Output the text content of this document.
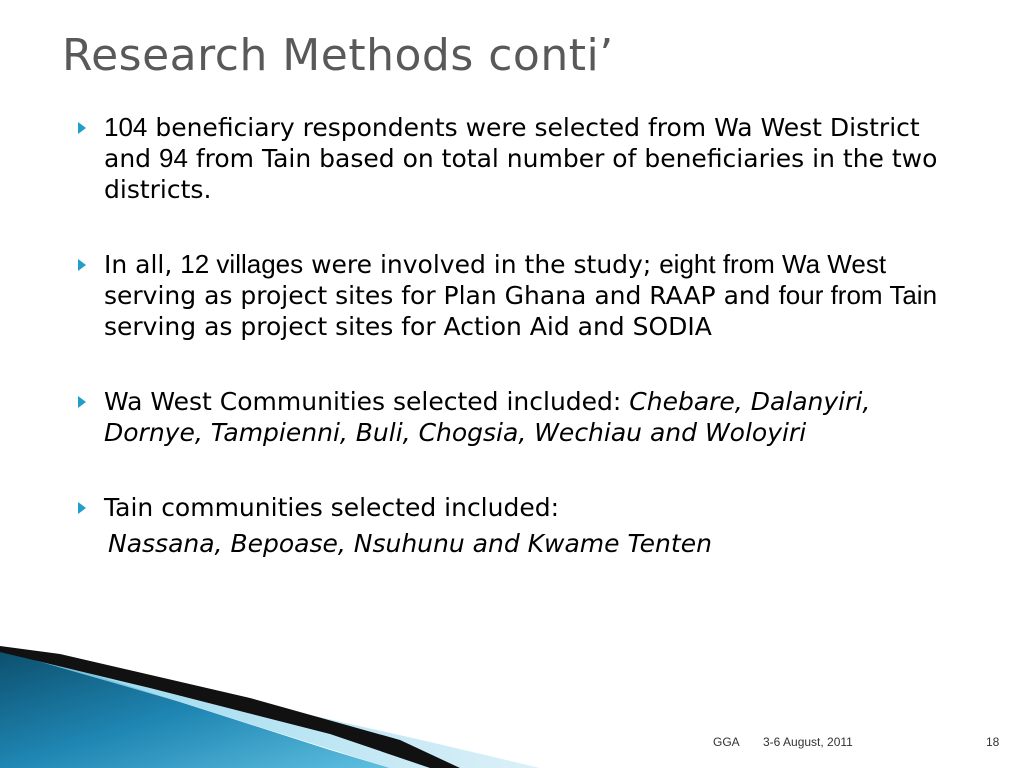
Research Methods conti’
104 beneficiary respondents were selected from Wa West District and 94 from Tain based on total number of beneficiaries in the two districts.
In all, 12 villages were involved in the study; eight from Wa West serving as project sites for Plan Ghana and RAAP and four from Tain serving as project sites for Action Aid and SODIA
Wa West Communities selected included: Chebare, Dalanyiri, Dornye, Tampienni, Buli, Chogsia, Wechiau and Woloyiri
Tain communities selected included:
Nassana, Bepoase, Nsuhunu and Kwame Tenten
GGA 3-6 August, 2011	18
